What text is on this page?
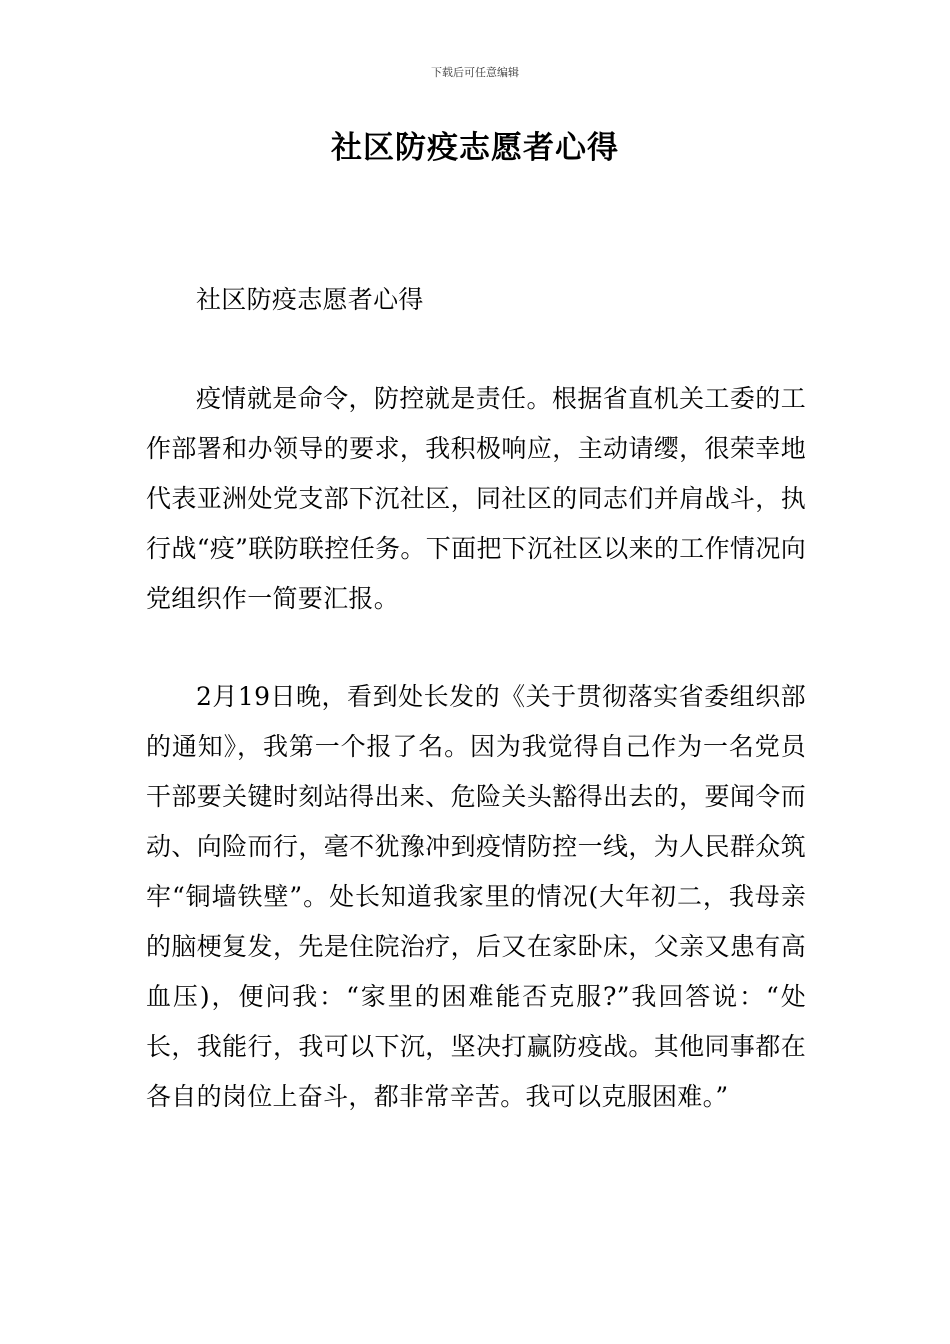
下载后可任意编辑
社区防疫志愿者心得

社区防疫志愿者心得

疫情就是命令，防控就是责任。根据省直机关工委的工作部署和办领导的要求，我积极响应，主动请缨，很荣幸地代表亚洲处党支部下沉社区，同社区的同志们并肩战斗，执行战“疫”联防联控任务。下面把下沉社区以来的工作情况向党组织作一简要汇报。

2月19日晚，看到处长发的《关于贯彻落实省委组织部的通知》，我第一个报了名。因为我觉得自己作为一名党员干部要关键时刻站得出来、危险关头豁得出去的，要闻令而动、向险而行，毫不犹豫冲到疫情防控一线，为人民群众筑牢“铜墙铁壁”。处长知道我家里的情况(大年初二，我母亲的脑梗复发，先是住院治疗，后又在家卧床，父亲又患有高血压)，便问我：“家里的困难能否克服?”我回答说：“处长，我能行，我可以下沉，坚决打赢防疫战。其他同事都在各自的岗位上奋斗，都非常辛苦。我可以克服困难。”
